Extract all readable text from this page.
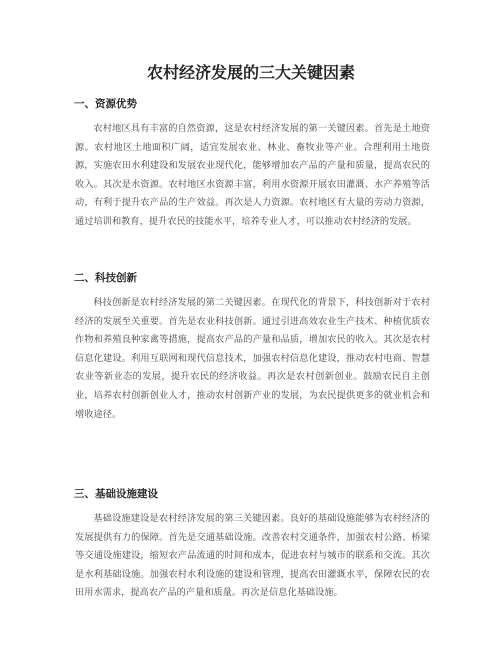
农村经济发展的三大关键因素
一、资源优势

农村地区具有丰富的自然资源，这是农村经济发展的第一关键因素。首先是土地资源。农村地区土地面积广阔，适宜发展农业、林业、畜牧业等产业。合理利用土地资源，实施农田水利建设和发展农业现代化，能够增加农产品的产量和质量，提高农民的收入。其次是水资源。农村地区水资源丰富，利用水资源开展农田灌溉、水产养殖等活动，有利于提升农产品的生产效益。再次是人力资源。农村地区有大量的劳动力资源，通过培训和教育，提升农民的技能水平，培养专业人才，可以推动农村经济的发展。

二、科技创新

科技创新是农村经济发展的第二关键因素。在现代化的背景下，科技创新对于农村经济的发展至关重要。首先是农业科技创新。通过引进高效农业生产技术、种植优质农作物和养殖良种家禽等措施，提高农产品的产量和品质，增加农民的收入。其次是农村信息化建设。利用互联网和现代信息技术，加强农村信息化建设，推动农村电商、智慧农业等新业态的发展，提升农民的经济收益。再次是农村创新创业。鼓励农民自主创业，培养农村创新创业人才，推动农村创新产业的发展，为农民提供更多的就业机会和增收途径。

三、基础设施建设

基础设施建设是农村经济发展的第三关键因素。良好的基础设施能够为农村经济的发展提供有力的保障。首先是交通基础设施。改善农村交通条件，加强农村公路、桥梁等交通设施建设，缩短农产品流通的时间和成本，促进农村与城市的联系和交流。其次是水利基础设施。加强农村水利设施的建设和管理，提高农田灌溉水平，保障农民的农田用水需求，提高农产品的产量和质量。再次是信息化基础设施。
